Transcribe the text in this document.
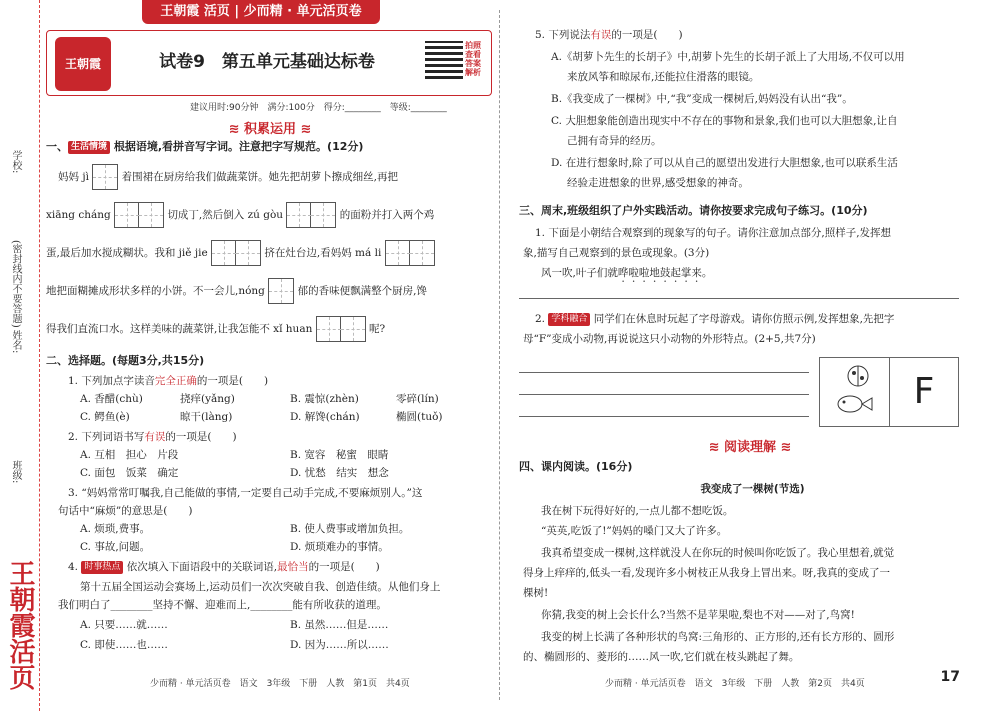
王朝霞 活页 | 少而精 · 单元活页卷
学校:
(密封线内不要答题)
姓名:
班级:
王朝霞活页
王朝霞	试卷9　第五单元基础达标卷
拍照查看答案解析
建议用时:90分钟　满分:100分　得分:________　等级:________
≋ 积累运用 ≋
一、 生活情境 根据语境,看拼音写字词。注意把字写规范。(12分)
妈妈 jì	着围裙在厨房给我们做蔬菜饼。她先把胡萝卜擦成细丝,再把
xiāng cháng	切成丁,然后倒入 zú gòu	的面粉并打入两个鸡
蛋,最后加水搅成糊状。我和 jiě jie	挤在灶台边,看妈妈 má li
地把面糊摊成形状多样的小饼。不一会儿,nóng	郁的香味便飘满整个厨房,馋
得我们直流口水。这样美味的蔬菜饼,让我怎能不 xǐ huan	呢?
二、选择题。(每题3分,共15分)
1. 下列加点字读音完全正确的一项是(　　)
A. 香醋(chù)	挠痒(yǎng)	B. 震惊(zhèn)	零碎(lín)
C. 鳄鱼(è)	晾干(làng)	D. 解馋(chán)	椭圆(tuǒ)
2. 下列词语书写有误的一项是(　　)
A. 互相　担心　片段	B. 宽容　秘蜜　眼睛
C. 面包　饭菜　确定	D. 忧愁　结实　想念
3. “妈妈常常叮嘱我,自己能做的事情,一定要自己动手完成,不要麻烦别人。”这
句话中“麻烦”的意思是(　　)
A. 烦琐,费事。	B. 使人费事或增加负担。
C. 事故,问题。	D. 烦琐难办的事情。
4. 时事热点 依次填入下面语段中的关联词语,最恰当的一项是(　　)
第十五届全国运动会赛场上,运动员们一次次突破自我、创造佳绩。从他们身上
我们明白了________坚持不懈、迎难而上,________能有所收获的道理。
A. 只要……就……	B. 虽然……但是……
C. 即使……也……	D. 因为……所以……
少而精 · 单元活页卷　语文　3年级　下册　人教　第1页　共4页
5. 下列说法有误的一项是(　　)
A.《胡萝卜先生的长胡子》中,胡萝卜先生的长胡子派上了大用场,不仅可以用
来放风筝和晾尿布,还能拉住滑落的眼镜。
B.《我变成了一棵树》中,“我”变成一棵树后,妈妈没有认出“我”。
C. 大胆想象能创造出现实中不存在的事物和景象,我们也可以大胆想象,让自
己拥有奇异的经历。
D. 在进行想象时,除了可以从自己的愿望出发进行大胆想象,也可以联系生活
经验走进想象的世界,感受想象的神奇。
三、周末,班级组织了户外实践活动。请你按要求完成句子练习。(10分)
1. 下面是小朝结合观察到的现象写的句子。请你注意加点部分,照样子,发挥想
象,描写自己观察到的景色或现象。(3分)
风一吹,叶子们就哗啦啦地鼓起掌来。
2. 学科融合 同学们在休息时玩起了字母游戏。请你仿照示例,发挥想象,先把字
母“F”变成小动物,再说说这只小动物的外形特点。(2+5,共7分)
F
≋ 阅读理解 ≋
四、课内阅读。(16分)
我变成了一棵树(节选)
我在树下玩得好好的,一点儿都不想吃饭。
“英英,吃饭了!”妈妈的嗓门又大了许多。
我真希望变成一棵树,这样就没人在你玩的时候叫你吃饭了。我心里想着,就觉
得身上痒痒的,低头一看,发现许多小树枝正从我身上冒出来。呀,我真的变成了一
棵树!
你猜,我变的树上会长什么?当然不是苹果啦,梨也不对——对了,鸟窝!
我变的树上长满了各种形状的鸟窝:三角形的、正方形的,还有长方形的、圆形
的、椭圆形的、菱形的……风一吹,它们就在枝头跳起了舞。
少而精 · 单元活页卷　语文　3年级　下册　人教　第2页　共4页	17
